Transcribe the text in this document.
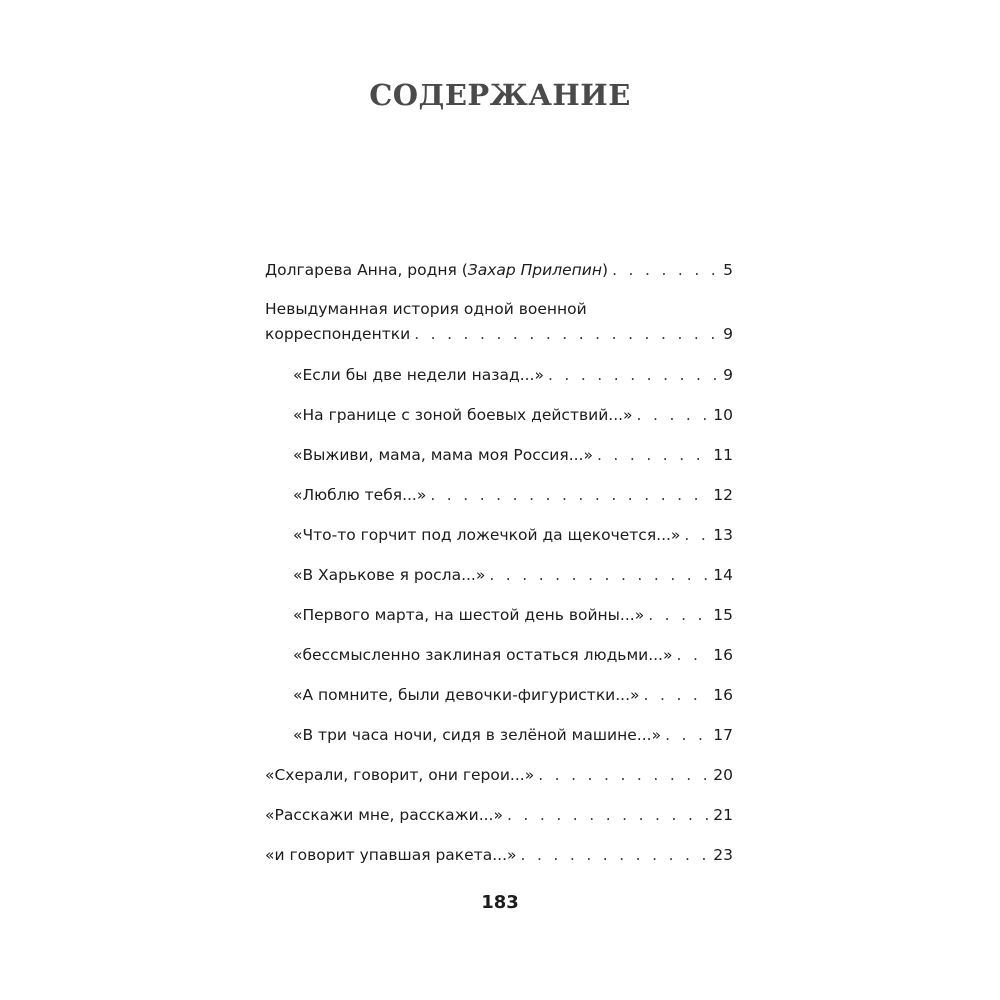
СОДЕРЖАНИЕ
Долгарева Анна, родня (Захар Прилепин) . . .	5
Невыдуманная история одной военной
корреспондентки . . .	9
«Если бы две недели назад...» . . .	9
«На границе с зоной боевых действий...» . . .	10
«Выживи, мама, мама моя Россия...» . . .	11
«Люблю тебя...» . . .	12
«Что-то горчит под ложечкой да щекочется...» . . . 13
«В Харькове я росла...» . . .	14
«Первого марта, на шестой день войны...» . . .	15
«бессмысленно заклиная остаться людьми...» . . .	16
«А помните, были девочки-фигуристки...» . . .	16
«В три часа ночи, сидя в зелёной машине...» . . .	17
«Схерали, говорит, они герои...» . . .	20
«Расскажи мне, расскажи...» . . .	21
«и говорит упавшая ракета...» . . .	23
183
